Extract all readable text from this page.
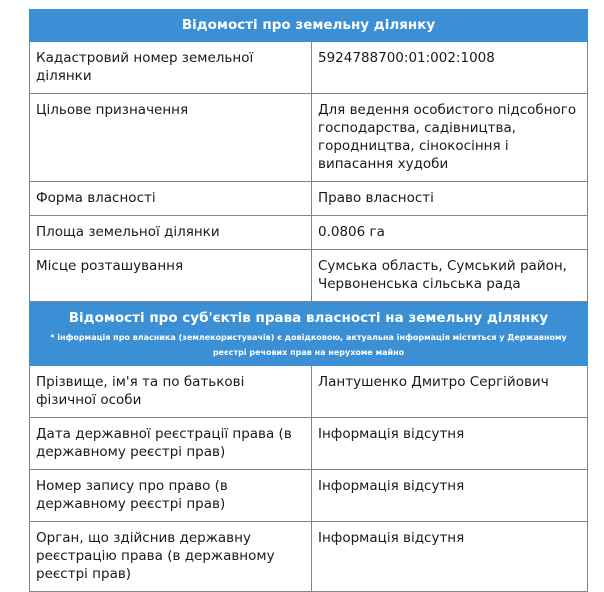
Відомості про земельну ділянку	
Кадастровий номер земельної ділянки	5924788700:01:002:1008
Цільове призначення	Для ведення особистого підсобного господарства, садівництва, городництва, сінокосіння і випасання худоби
Форма власності	Право власності
Площа земельної ділянки	0.0806 га
Місце розташування	Сумська область, Сумський район, Червоненська сільська рада
Відомості про суб'єктів права власності на земельну ділянку
* інформація про власника (землекористувачів) є довідковою, актуальна інформація міститься у Державному реєстрі речових прав на нерухоме майно	

Прізвище, ім'я та по батькові фізичної особи	Лантушенко Дмитро Сергійович
Дата державної реєстрації права (в державному реєстрі прав)	Інформація відсутня
Номер запису про право (в державному реєстрі прав)	Інформація відсутня
Орган, що здійснив державну реєстрацію права (в державному реєстрі прав)	Інформація відсутня
